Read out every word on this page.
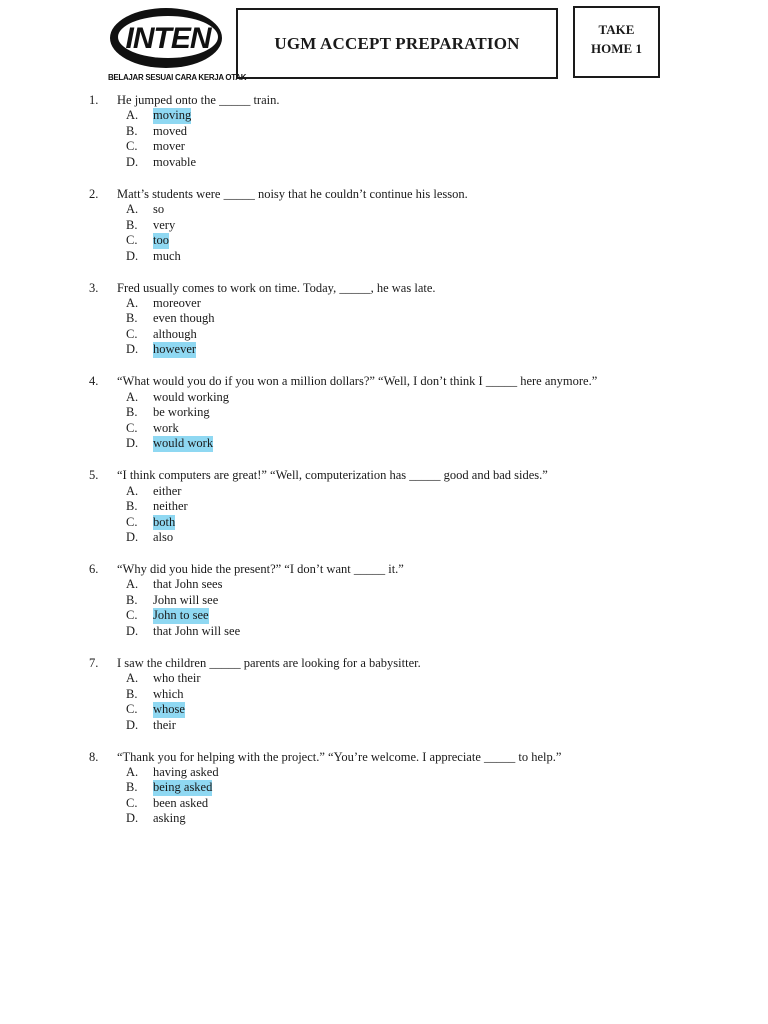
INTEN
BELAJAR SESUAI CARA KERJA OTAK
UGM ACCEPT PREPARATION
TAKE
HOME 1
1. He jumped onto the _____ train.
A. moving
B. moved
C. mover
D. movable
2. Matt’s students were _____ noisy that he couldn’t continue his lesson.
A. so
B. very
C. too
D. much
3. Fred usually comes to work on time. Today, _____, he was late.
A. moreover
B. even though
C. although
D. however
4. “What would you do if you won a million dollars?” “Well, I don’t think I _____ here anymore.”
A. would working
B. be working
C. work
D. would work
5. “I think computers are great!” “Well, computerization has _____ good and bad sides.”
A. either
B. neither
C. both
D. also
6. “Why did you hide the present?” “I don’t want _____ it.”
A. that John sees
B. John will see
C. John to see
D. that John will see
7. I saw the children _____ parents are looking for a babysitter.
A. who their
B. which
C. whose
D. their
8. “Thank you for helping with the project.” “You’re welcome. I appreciate _____ to help.”
A. having asked
B. being asked
C. been asked
D. asking
